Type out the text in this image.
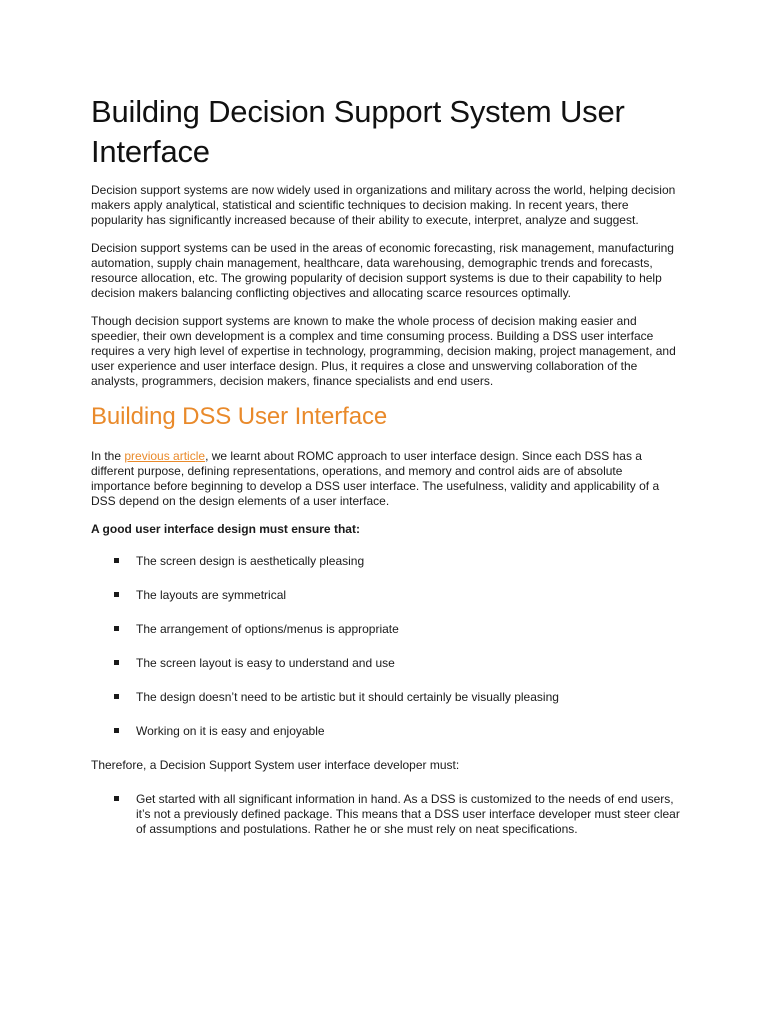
Building Decision Support System User Interface

Decision support systems are now widely used in organizations and military across the world, helping decision makers apply analytical, statistical and scientific techniques to decision making. In recent years, there popularity has significantly increased because of their ability to execute, interpret, analyze and suggest.

Decision support systems can be used in the areas of economic forecasting, risk management, manufacturing automation, supply chain management, healthcare, data warehousing, demographic trends and forecasts, resource allocation, etc. The growing popularity of decision support systems is due to their capability to help decision makers balancing conflicting objectives and allocating scarce resources optimally.

Though decision support systems are known to make the whole process of decision making easier and speedier, their own development is a complex and time consuming process. Building a DSS user interface requires a very high level of expertise in technology, programming, decision making, project management, and user experience and user interface design. Plus, it requires a close and unswerving collaboration of the analysts, programmers, decision makers, finance specialists and end users.

Building DSS User Interface

In the previous article, we learnt about ROMC approach to user interface design. Since each DSS has a different purpose, defining representations, operations, and memory and control aids are of absolute importance before beginning to develop a DSS user interface. The usefulness, validity and applicability of a DSS depend on the design elements of a user interface.

A good user interface design must ensure that:

The screen design is aesthetically pleasing
The layouts are symmetrical
The arrangement of options/menus is appropriate
The screen layout is easy to understand and use
The design doesn’t need to be artistic but it should certainly be visually pleasing
Working on it is easy and enjoyable

Therefore, a Decision Support System user interface developer must:

Get started with all significant information in hand. As a DSS is customized to the needs of end users, it’s not a previously defined package. This means that a DSS user interface developer must steer clear of assumptions and postulations. Rather he or she must rely on neat specifications.
